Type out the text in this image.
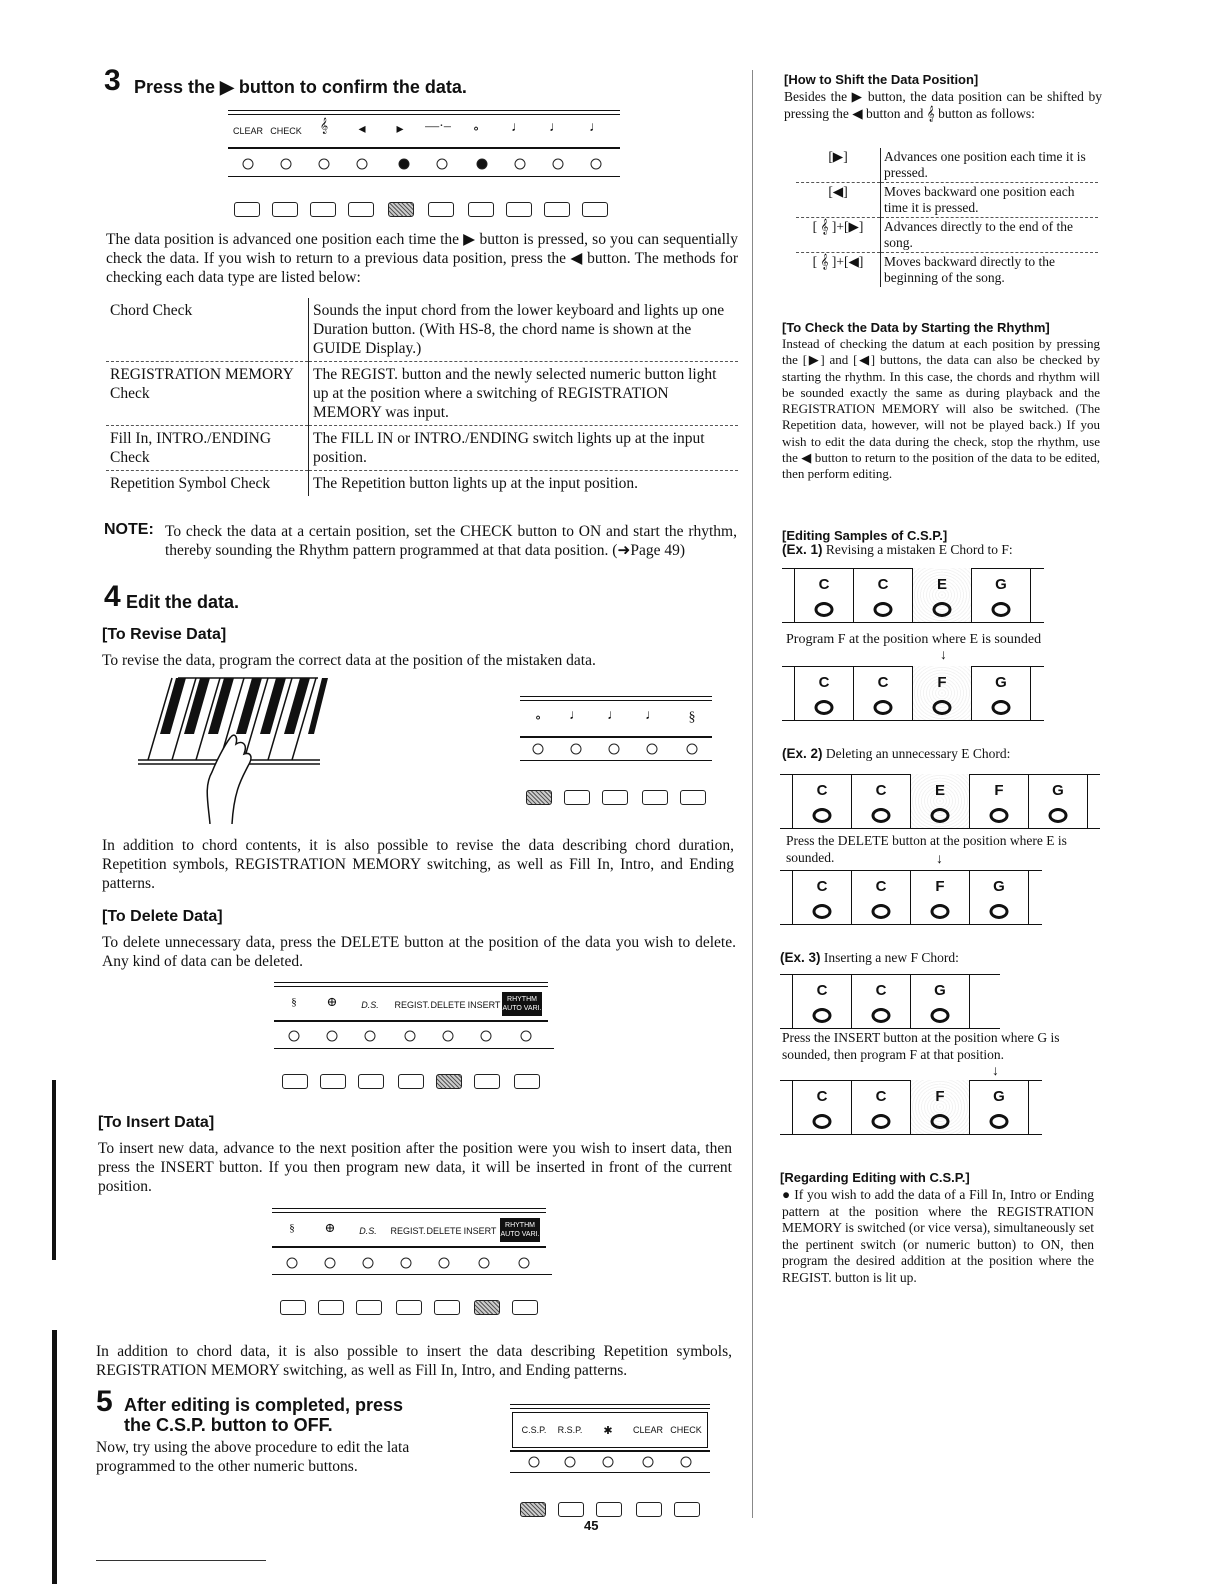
3 Press the ▶ button to confirm the data.
CLEAR CHECK 𝄞 ◂ ▸ —·– ∘ ♩ ♩ ♩
The data position is advanced one position each time the ▶ button is pressed, so you can sequentially check the data. If you wish to return to a previous data position, press the ◀ button. The methods for checking each data type are listed below:
Chord Check	Sounds the input chord from the lower keyboard and lights up one Duration button. (With HS-8, the chord name is shown at the GUIDE Display.)
REGISTRATION MEMORY Check	The REGIST. button and the newly selected numeric button light up at the position where a switching of REGISTRATION MEMORY was input.
Fill In, INTRO./ENDING Check	The FILL IN or INTRO./ENDING switch lights up at the input position.
Repetition Symbol Check	The Repetition button lights up at the input position.
NOTE: To check the data at a certain position, set the CHECK button to ON and start the rhythm, thereby sounding the Rhythm pattern programmed at that data position. (➜Page 49)
4 Edit the data.
[To Revise Data]
To revise the data, program the correct data at the position of the mistaken data.
∘ ♩ ♩ ♩ §
In addition to chord contents, it is also possible to revise the data describing chord duration, Repetition symbols, REGISTRATION MEMORY switching, as well as Fill In, Intro, and Ending patterns.
[To Delete Data]
To delete unnecessary data, press the DELETE button at the position of the data you wish to delete. Any kind of data can be deleted.
§ ⊕	D.S. REGIST. DELETE INSERT
RHYTHM AUTO VARI.
[To Insert Data]
To insert new data, advance to the next position after the position were you wish to insert data, then press the INSERT button. If you then program new data, it will be inserted in front of the current position.
§ ⊕	D.S. REGIST. DELETE INSERT
RHYTHM AUTO VARI.
In addition to chord data, it is also possible to insert the data describing Repetition symbols, REGISTRATION MEMORY switching, as well as Fill In, Intro, and Ending patterns.
5 After editing is completed, press
the C.S.P. button to OFF.
Now, try using the above procedure to edit the lata programmed to the other numeric buttons.
C.S.P. R.S.P. ✱ CLEAR CHECK
45
[How to Shift the Data Position]
Besides the ▶ button, the data position can be shifted by pressing the ◀ button and 𝄞 button as follows:
[▶]	Advances one position each time it is pressed.
[◀]	Moves backward one position each time it is pressed.
[ 𝄞 ]+[▶]	Advances directly to the end of the song.
[ 𝄞 ]+[◀]	Moves backward directly to the beginning of the song.
[To Check the Data by Starting the Rhythm]
Instead of checking the datum at each position by pressing the [▶] and [◀] buttons, the data can also be checked by starting the rhythm. In this case, the chords and rhythm will be sounded exactly the same as during playback and the REGISTRATION MEMORY will also be switched. (The Repetition data, however, will not be played back.) If you wish to edit the data during the check, stop the rhythm, use the ◀ button to return to the position of the data to be edited, then perform editing.
[Editing Samples of C.S.P.]
(Ex. 1) Revising a mistaken E Chord to F:
C	C	E	G
Program F at the position where E is sounded
↓
C	C	F	G
(Ex. 2) Deleting an unnecessary E Chord:
C	C	E	F	G
Press the DELETE button at the position where E is sounded.	↓
C	C	F	G
(Ex. 3) Inserting a new F Chord:
C	C	G
Press the INSERT button at the position where G is sounded, then program F at that position.
↓
C	C	F	G
[Regarding Editing with C.S.P.]
● If you wish to add the data of a Fill In, Intro or Ending pattern at the position where the REGISTRATION MEMORY is switched (or vice versa), simultaneously set the pertinent switch (or numeric button) to ON, then program the desired addition at the position where the REGIST. button is lit up.
